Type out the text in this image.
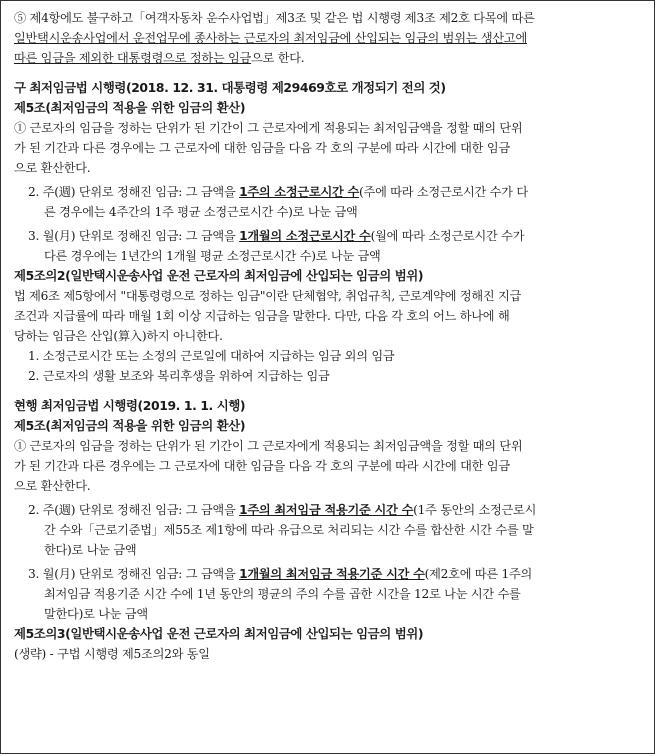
⑤ 제4항에도 불구하고「여객자동차 운수사업법」제3조 및 같은 법 시행령 제3조 제2호 다목에 따른

일반택시운송사업에서 운전업무에 종사하는 근로자의 최저임금에 산입되는 임금의 범위는 생산고에

따른 임금을 제외한 대통령령으로 정하는 임금으로 한다.

구 최저임금법 시행령(2018. 12. 31. 대통령령 제29469호로 개정되기 전의 것)

제5조(최저임금의 적용을 위한 임금의 환산)

① 근로자의 임금을 정하는 단위가 된 기간이 그 근로자에게 적용되는 최저임금액을 정할 때의 단위

가 된 기간과 다른 경우에는 그 근로자에 대한 임금을 다음 각 호의 구분에 따라 시간에 대한 임금

으로 환산한다.

2. 주(週) 단위로 정해진 임금: 그 금액을 1주의 소정근로시간 수(주에 따라 소정근로시간 수가 다

른 경우에는 4주간의 1주 평균 소정근로시간 수)로 나눈 금액

3. 월(月) 단위로 정해진 임금: 그 금액을 1개월의 소정근로시간 수(월에 따라 소정근로시간 수가

다른 경우에는 1년간의 1개월 평균 소정근로시간 수)로 나눈 금액

제5조의2(일반택시운송사업 운전 근로자의 최저임금에 산입되는 임금의 범위)

법 제6조 제5항에서 "대통령령으로 정하는 임금"이란 단체협약, 취업규칙, 근로계약에 정해진 지급

조건과 지급률에 따라 매월 1회 이상 지급하는 임금을 말한다. 다만, 다음 각 호의 어느 하나에 해

당하는 임금은 산입(算入)하지 아니한다.

1. 소정근로시간 또는 소정의 근로일에 대하여 지급하는 임금 외의 임금

2. 근로자의 생활 보조와 복리후생을 위하여 지급하는 임금

현행 최저임금법 시행령(2019. 1. 1. 시행)

제5조(최저임금의 적용을 위한 임금의 환산)

① 근로자의 임금을 정하는 단위가 된 기간이 그 근로자에게 적용되는 최저임금액을 정할 때의 단위

가 된 기간과 다른 경우에는 그 근로자에 대한 임금을 다음 각 호의 구분에 따라 시간에 대한 임금

으로 환산한다.

2. 주(週) 단위로 정해진 임금: 그 금액을 1주의 최저임금 적용기준 시간 수(1주 동안의 소정근로시

간 수와「근로기준법」제55조 제1항에 따라 유급으로 처리되는 시간 수를 합산한 시간 수를 말

한다)로 나눈 금액

3. 월(月) 단위로 정해진 임금: 그 금액을 1개월의 최저임금 적용기준 시간 수(제2호에 따른 1주의

최저임금 적용기준 시간 수에 1년 동안의 평균의 주의 수를 곱한 시간을 12로 나눈 시간 수를

말한다)로 나눈 금액

제5조의3(일반택시운송사업 운전 근로자의 최저임금에 산입되는 임금의 범위)

(생략) - 구법 시행령 제5조의2와 동일
